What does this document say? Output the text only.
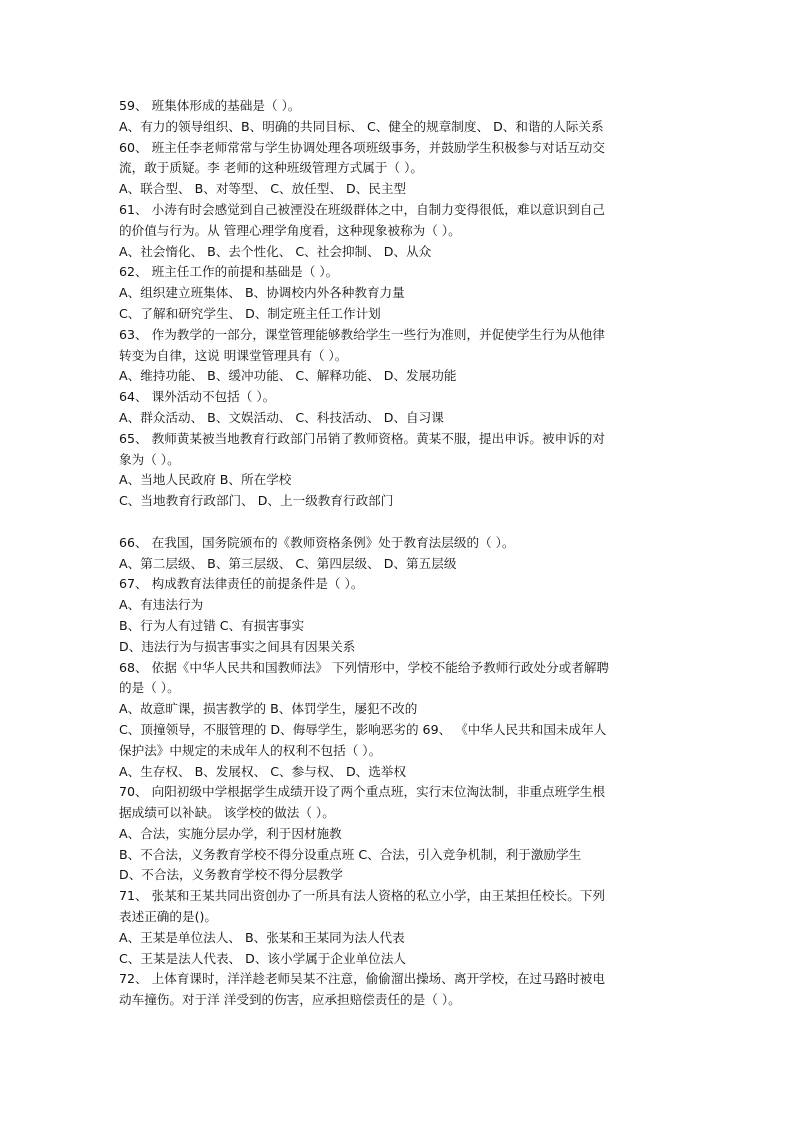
59、 班集体形成的基础是（ ）。
A、有力的领导组织、B、明确的共同目标、 C、健全的规章制度、 D、和谐的人际关系
60、 班主任李老师常常与学生协调处理各项班级事务，并鼓励学生积极参与对话互动交
流，敢于质疑。李 老师的这种班级管理方式属于（ ）。
A、联合型、 B、对等型、 C、放任型、 D、民主型
61、 小涛有时会感觉到自己被湮没在班级群体之中，自制力变得很低，难以意识到自己
的价值与行为。从 管理心理学角度看，这种现象被称为（ ）。
A、社会惰化、 B、去个性化、 C、社会抑制、 D、从众
62、 班主任工作的前提和基础是（ ）。
A、组织建立班集体、 B、协调校内外各种教育力量
C、了解和研究学生、 D、制定班主任工作计划
63、 作为教学的一部分，课堂管理能够教给学生一些行为准则，并促使学生行为从他律
转变为自律，这说 明课堂管理具有（ ）。
A、维持功能、 B、缓冲功能、 C、解释功能、 D、发展功能
64、 课外活动不包括（ ）。
A、群众活动、 B、文娱活动、 C、科技活动、 D、自习课
65、 教师黄某被当地教育行政部门吊销了教师资格。黄某不服，提出申诉。被申诉的对
象为（ ）。
A、当地人民政府 B、所在学校
C、当地教育行政部门、 D、上一级教育行政部门
66、 在我国，国务院颁布的《教师资格条例》处于教育法层级的（ ）。
A、第二层级、 B、第三层级、 C、第四层级、 D、第五层级
67、 构成教育法律责任的前提条件是（ ）。
A、有违法行为
B、行为人有过错 C、有损害事实
D、违法行为与损害事实之间具有因果关系
68、 依据《中华人民共和国教师法》 下列情形中，学校不能给予教师行政处分或者解聘
的是（ ）。
A、故意旷课，损害教学的 B、体罚学生，屡犯不改的
C、顶撞领导，不服管理的 D、侮辱学生，影响恶劣的 69、 《中华人民共和国未成年人
保护法》中规定的未成年人的权利不包括（ ）。
A、生存权、 B、发展权、 C、参与权、 D、选举权
70、 向阳初级中学根据学生成绩开设了两个重点班，实行末位淘汰制，非重点班学生根
据成绩可以补缺。 该学校的做法（ ）。
A、合法，实施分层办学，利于因材施教
B、不合法，义务教育学校不得分设重点班 C、合法，引入竞争机制，利于激励学生
D、不合法，义务教育学校不得分层教学
71、 张某和王某共同出资创办了一所具有法人资格的私立小学，由王某担任校长。下列
表述正确的是()。
A、王某是单位法人、 B、张某和王某同为法人代表
C、王某是法人代表、 D、该小学属于企业单位法人
72、 上体育课时，洋洋趁老师吴某不注意，偷偷溜出操场、离开学校，在过马路时被电
动车撞伤。对于洋 洋受到的伤害，应承担赔偿责任的是（ ）。
